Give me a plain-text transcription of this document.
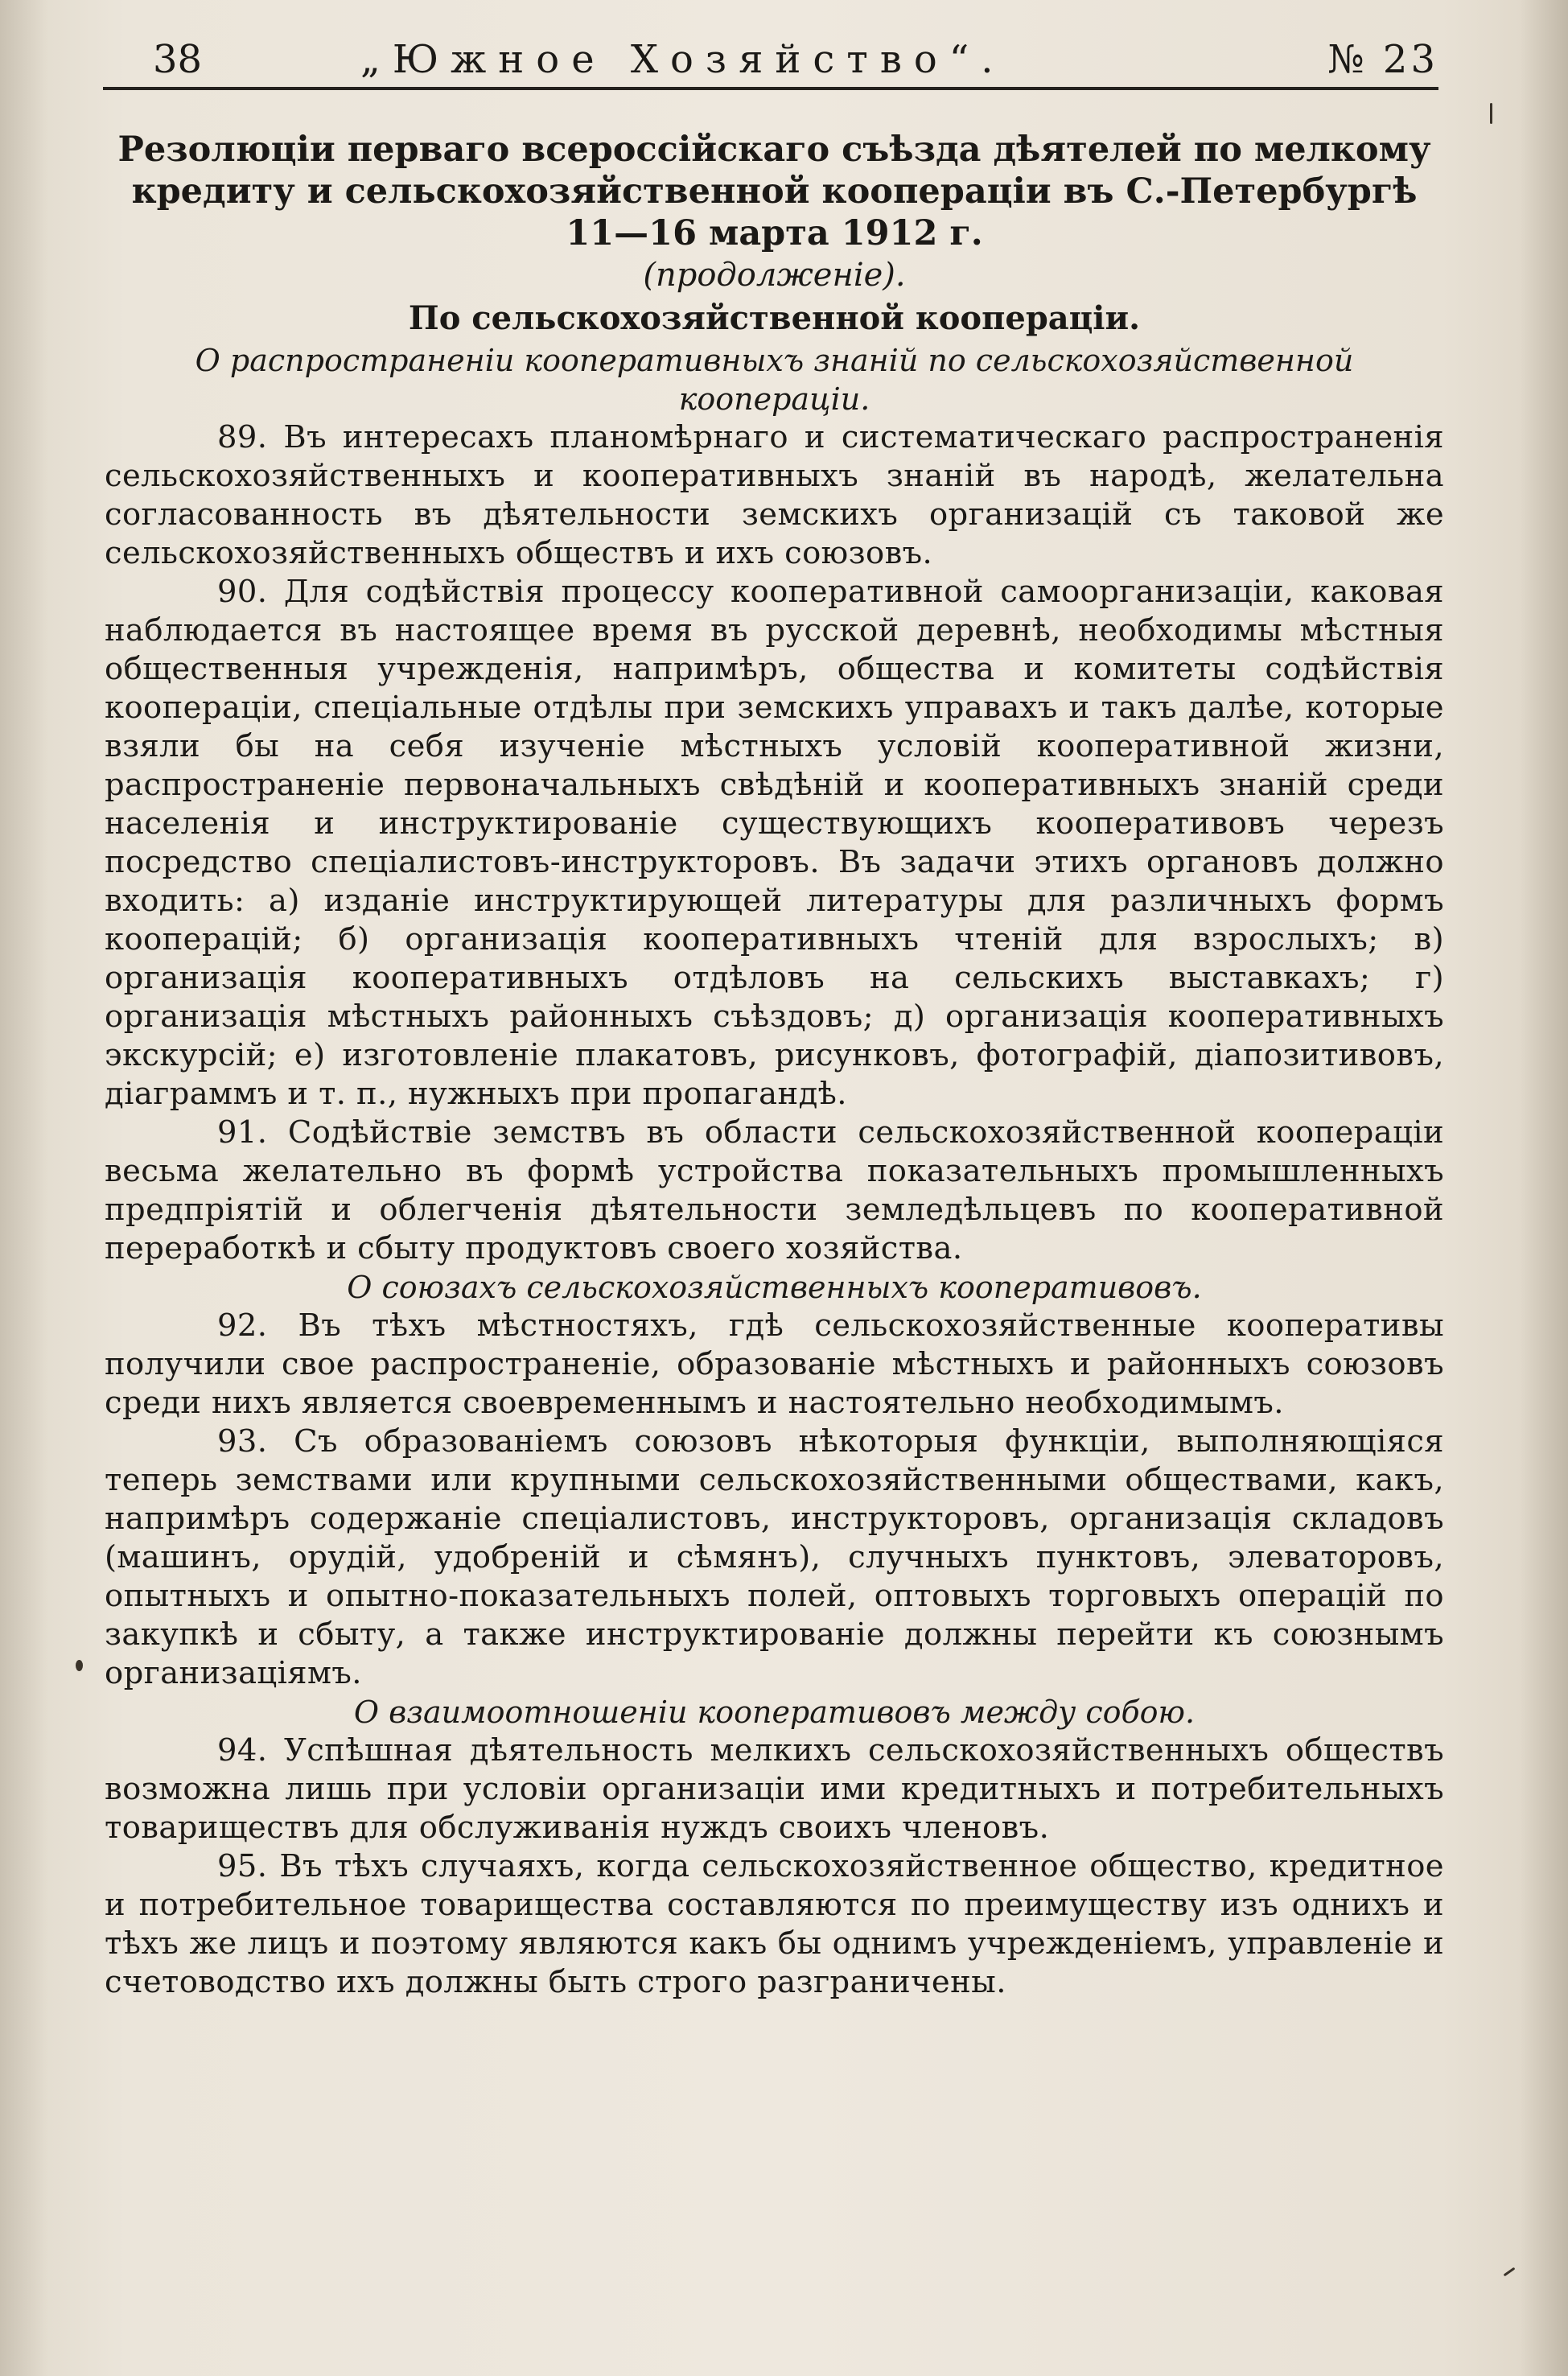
38	„Южное Хозяйство“.	№ 23
Резолюціи перваго всероссійскаго съѣзда дѣятелей по мелкому
кредиту и сельскохозяйственной коопераціи въ С.-Петербургѣ
11—16 марта 1912 г.

(продолженіе).

По сельскохозяйственной коопераціи.

О распространеніи кооперативныхъ знаній по сельскохозяйственной коопераціи.

89. Въ интересахъ планомѣрнаго и систематическаго распространенія сельскохозяйственныхъ и кооперативныхъ знаній въ народѣ, желательна согласованность въ дѣятельности земскихъ организацій съ таковой же сельскохозяйственныхъ обществъ и ихъ союзовъ.

90. Для содѣйствія процессу кооперативной самоорганизаціи, каковая наблюдается въ настоящее время въ русской деревнѣ, необходимы мѣстныя общественныя учрежденія, напримѣръ, общества и комитеты содѣйствія коопераціи, спеціальные отдѣлы при земскихъ управахъ и такъ далѣе, которые взяли бы на себя изученіе мѣстныхъ условій кооперативной жизни, распространеніе первоначальныхъ свѣдѣній и кооперативныхъ знаній среди населенія и инструктированіе существующихъ кооперативовъ черезъ посредство спеціалистовъ-инструкторовъ. Въ задачи этихъ органовъ должно входить: а) изданіе инструктирующей литературы для различныхъ формъ кооперацій; б) организація кооперативныхъ чтеній для взрослыхъ; в) организація кооперативныхъ отдѣловъ на сельскихъ выставкахъ; г) организація мѣстныхъ районныхъ съѣздовъ; д) организація кооперативныхъ экскурсій; е) изготовленіе плакатовъ, рисунковъ, фотографій, діапозитивовъ, діаграммъ и т. п., нужныхъ при пропагандѣ.

91. Содѣйствіе земствъ въ области сельскохозяйственной коопераціи весьма желательно въ формѣ устройства показательныхъ промышленныхъ предпріятій и облегченія дѣятельности земледѣльцевъ по кооперативной переработкѣ и сбыту продуктовъ своего хозяйства.

О союзахъ сельскохозяйственныхъ кооперативовъ.

92. Въ тѣхъ мѣстностяхъ, гдѣ сельскохозяйственные кооперативы получили свое распространеніе, образованіе мѣстныхъ и районныхъ союзовъ среди нихъ является своевременнымъ и настоятельно необходимымъ.

93. Съ образованіемъ союзовъ нѣкоторыя функціи, выполняющіяся теперь земствами или крупными сельскохозяйственными обществами, какъ, напримѣръ содержаніе спеціалистовъ, инструкторовъ, организація складовъ (машинъ, орудій, удобреній и сѣмянъ), случныхъ пунктовъ, элеваторовъ, опытныхъ и опытно-показательныхъ полей, оптовыхъ торговыхъ операцій по закупкѣ и сбыту, а также инструктированіе должны перейти къ союзнымъ организаціямъ.

О взаимоотношеніи кооперативовъ между собою.

94. Успѣшная дѣятельность мелкихъ сельскохозяйственныхъ обществъ возможна лишь при условіи организаціи ими кредитныхъ и потребительныхъ товариществъ для обслуживанія нуждъ своихъ членовъ.

95. Въ тѣхъ случаяхъ, когда сельскохозяйственное общество, кредитное и потребительное товарищества составляются по преимуществу изъ однихъ и тѣхъ же лицъ и поэтому являются какъ бы однимъ учрежденіемъ, управленіе и счетоводство ихъ должны быть строго разграничены.
